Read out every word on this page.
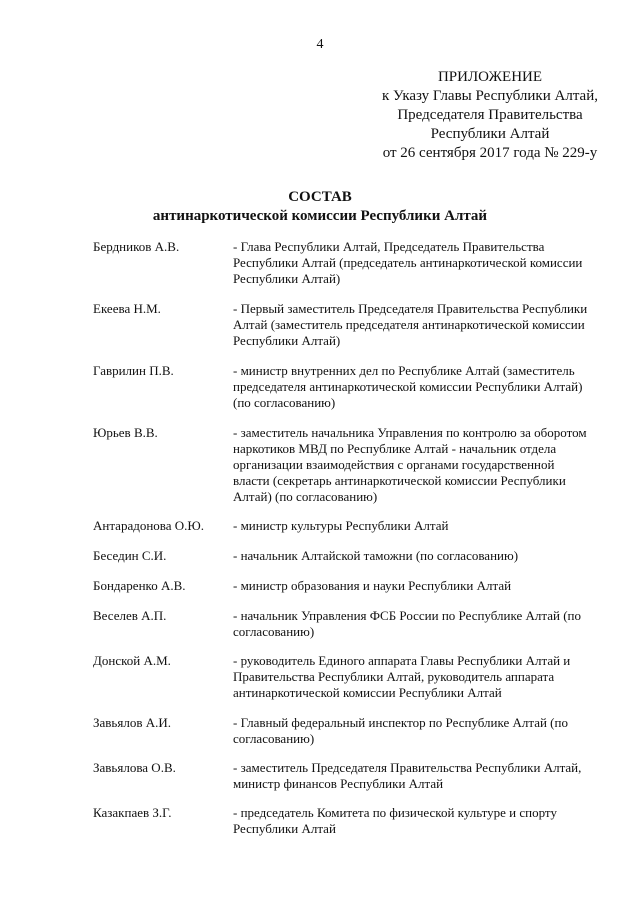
4
ПРИЛОЖЕНИЕ
к Указу Главы Республики Алтай,
Председателя Правительства
Республики Алтай
от 26 сентября 2017 года № 229-у
СОСТАВ
антинаркотической комиссии Республики Алтай
Бердников А.В.	- Глава Республики Алтай, Председатель Правительства Республики Алтай (председатель антинаркотической комиссии Республики Алтай)
Екеева Н.М.	- Первый заместитель Председателя Правительства Республики Алтай (заместитель председателя антинаркотической комиссии Республики Алтай)
Гаврилин П.В.	- министр внутренних дел по Республике Алтай (заместитель председателя антинаркотической комиссии Республики Алтай) (по согласованию)
Юрьев В.В.	- заместитель начальника Управления по контролю за оборотом наркотиков МВД по Республике Алтай - начальник отдела организации взаимодействия с органами государственной власти (секретарь антинаркотической комиссии Республики Алтай) (по согласованию)
Антарадонова О.Ю.	- министр культуры Республики Алтай
Беседин С.И.	- начальник Алтайской таможни (по согласованию)
Бондаренко А.В.	- министр образования и науки Республики Алтай
Веселев А.П.	- начальник Управления ФСБ России по Республике Алтай (по согласованию)
Донской А.М.	- руководитель Единого аппарата Главы Республики Алтай и Правительства Республики Алтай, руководитель аппарата антинаркотической комиссии Республики Алтай
Завьялов А.И.	- Главный федеральный инспектор по Республике Алтай (по согласованию)
Завьялова О.В.	- заместитель Председателя Правительства Республики Алтай, министр финансов Республики Алтай
Казакпаев З.Г.	- председатель Комитета по физической культуре и спорту Республики Алтай
